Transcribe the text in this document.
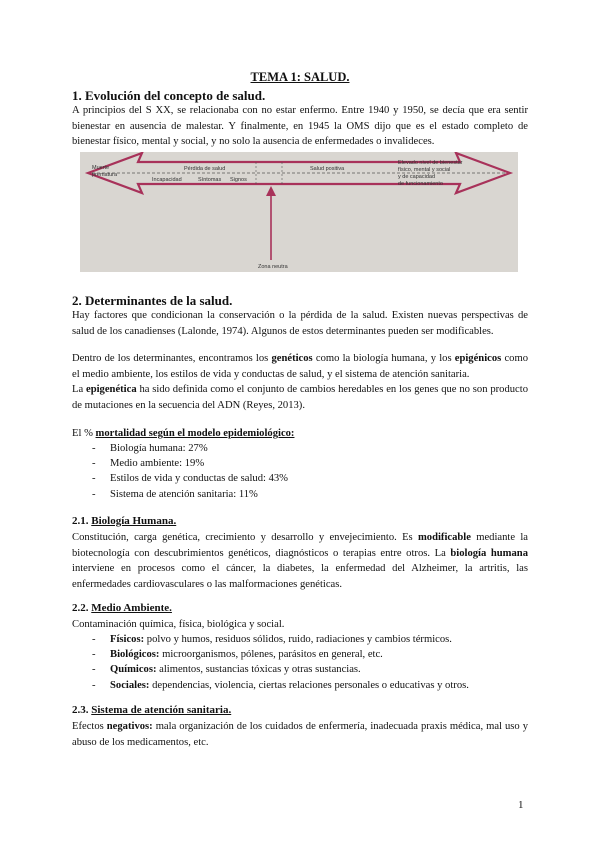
TEMA 1: SALUD.
1. Evolución del concepto de salud.

A principios del S XX, se relacionaba con no estar enfermo. Entre 1940 y 1950, se decía que era sentir bienestar en ausencia de malestar. Y finalmente, en 1945 la OMS dijo que es el estado completo de bienestar físico, mental y social, y no solo la ausencia de enfermedades o invalideces.

Muerte
prematura
Pérdida de salud
Incapacidad	Síntomas Signos
Salud positiva
Elevado nivel de bienestar
físico, mental y social
y de capacidad
de funcionamiento
Zona neutra
2. Determinantes de la salud.

Hay factores que condicionan la conservación o la pérdida de la salud. Existen nuevas perspectivas de salud de los canadienses (Lalonde, 1974). Algunos de estos determinantes pueden ser modificables.

Dentro de los determinantes, encontramos los genéticos como la biología humana, y los epigénicos como el medio ambiente, los estilos de vida y conductas de salud, y el sistema de atención sanitaria.

La epigenética ha sido definida como el conjunto de cambios heredables en los genes que no son producto de mutaciones en la secuencia del ADN (Reyes, 2013).

El % mortalidad según el modelo epidemiológico:

- Biología humana: 27%
- Medio ambiente: 19%
- Estilos de vida y conductas de salud: 43%
- Sistema de atención sanitaria: 11%
2.1. Biología Humana.

Constitución, carga genética, crecimiento y desarrollo y envejecimiento. Es modificable mediante la biotecnología con descubrimientos genéticos, diagnósticos o terapias entre otros. La biología humana interviene en procesos como el cáncer, la diabetes, la enfermedad del Alzheimer, la artritis, las enfermedades cardiovasculares o las malformaciones genéticas.

2.2. Medio Ambiente.

Contaminación química, física, biológica y social.

- Físicos: polvo y humos, residuos sólidos, ruido, radiaciones y cambios térmicos.
- Biológicos: microorganismos, pólenes, parásitos en general, etc.
- Químicos: alimentos, sustancias tóxicas y otras sustancias.
- Sociales: dependencias, violencia, ciertas relaciones personales o educativas y otros.
2.3. Sistema de atención sanitaria.

Efectos negativos: mala organización de los cuidados de enfermería, inadecuada praxis médica, mal uso y abuso de los medicamentos, etc.

1
